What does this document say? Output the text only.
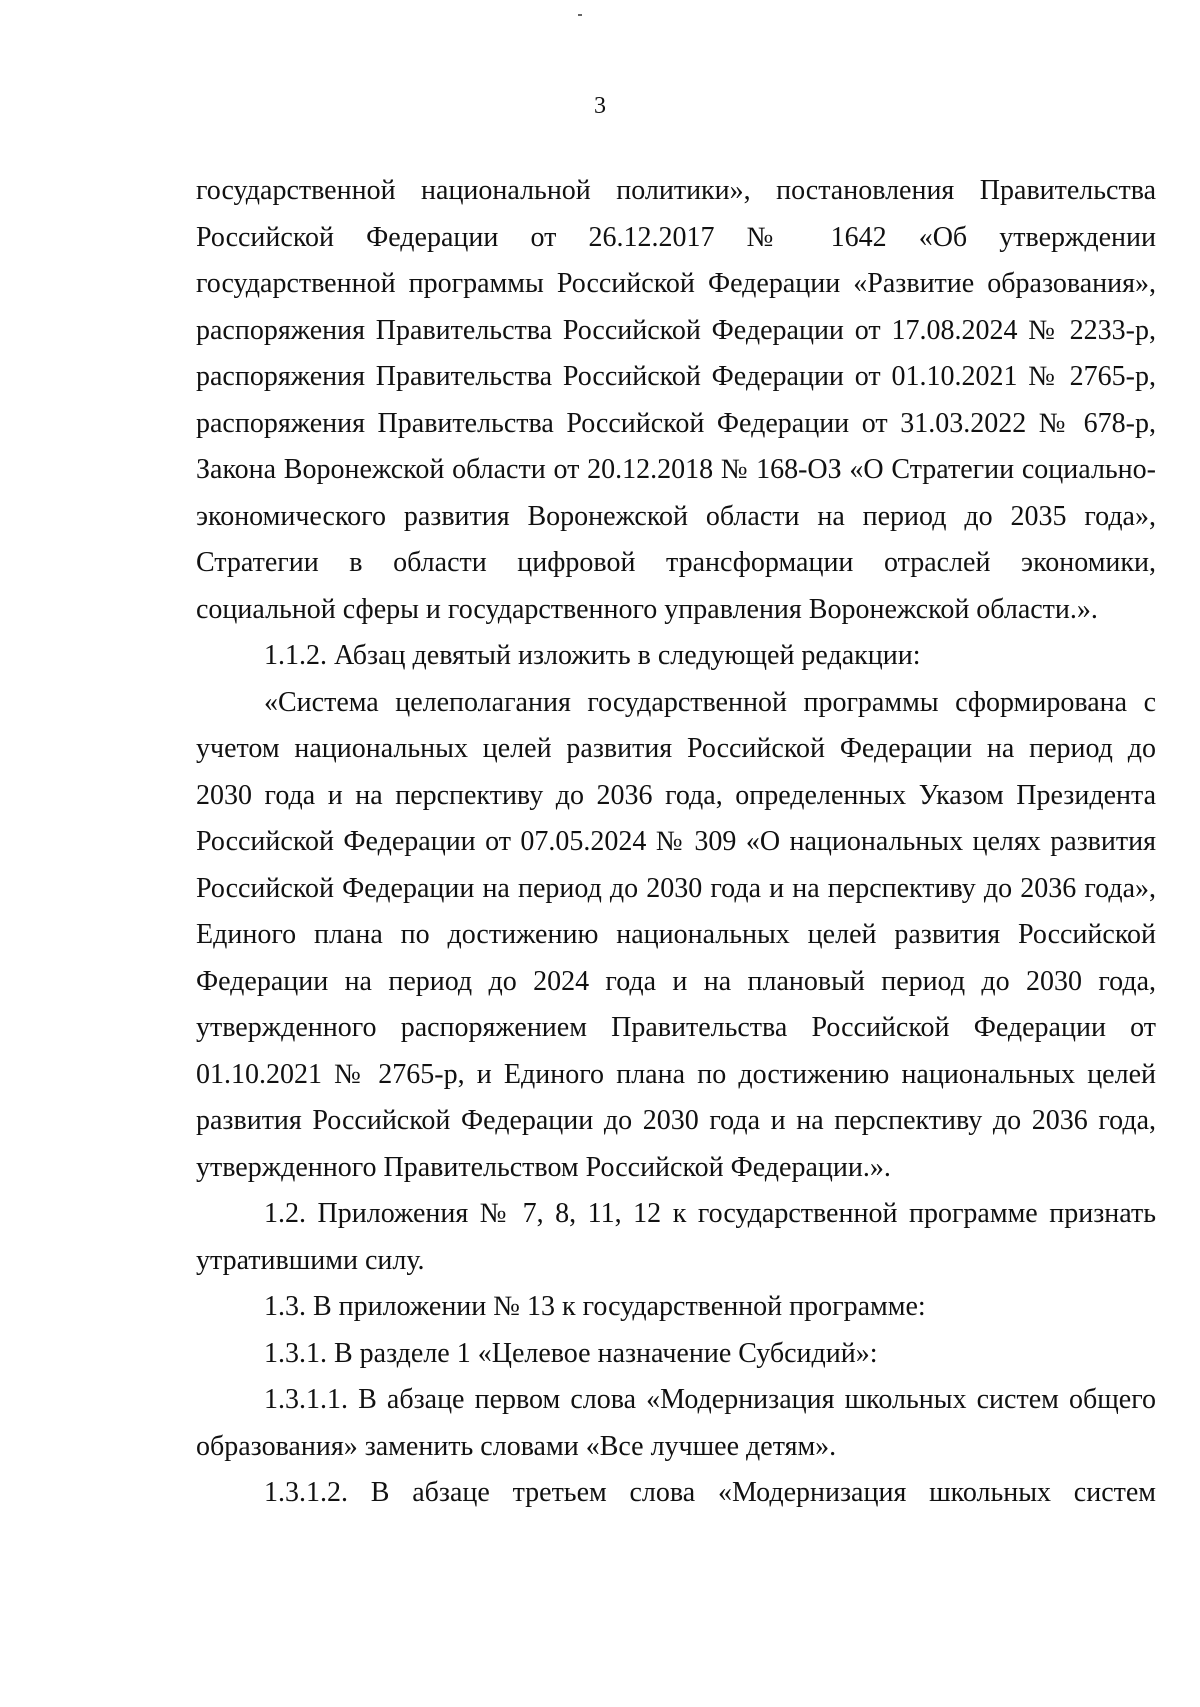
3

государственной национальной политики», постановления Правительства Российской Федерации от 26.12.2017 № 1642 «Об утверждении государственной программы Российской Федерации «Развитие образования», распоряжения Правительства Российской Федерации от 17.08.2024 № 2233-р, распоряжения Правительства Российской Федерации от 01.10.2021 № 2765-р, распоряжения Правительства Российской Федерации от 31.03.2022 № 678-р, Закона Воронежской области от 20.12.2018 № 168-ОЗ «О Стратегии социально-экономического развития Воронежской области на период до 2035 года», Стратегии в области цифровой трансформации отраслей экономики, социальной сферы и государственного управления Воронежской области.».

1.1.2. Абзац девятый изложить в следующей редакции:

«Система целеполагания государственной программы сформирована с учетом национальных целей развития Российской Федерации на период до 2030 года и на перспективу до 2036 года, определенных Указом Президента Российской Федерации от 07.05.2024 № 309 «О национальных целях развития Российской Федерации на период до 2030 года и на перспективу до 2036 года», Единого плана по достижению национальных целей развития Российской Федерации на период до 2024 года и на плановый период до 2030 года, утвержденного распоряжением Правительства Российской Федерации от 01.10.2021 № 2765-р, и Единого плана по достижению национальных целей развития Российской Федерации до 2030 года и на перспективу до 2036 года, утвержденного Правительством Российской Федерации.».

1.2. Приложения № 7, 8, 11, 12 к государственной программе признать утратившими силу.

1.3. В приложении № 13 к государственной программе:

1.3.1. В разделе 1 «Целевое назначение Субсидий»:

1.3.1.1. В абзаце первом слова «Модернизация школьных систем общего образования» заменить словами «Все лучшее детям».

1.3.1.2. В абзаце третьем слова «Модернизация школьных систем
